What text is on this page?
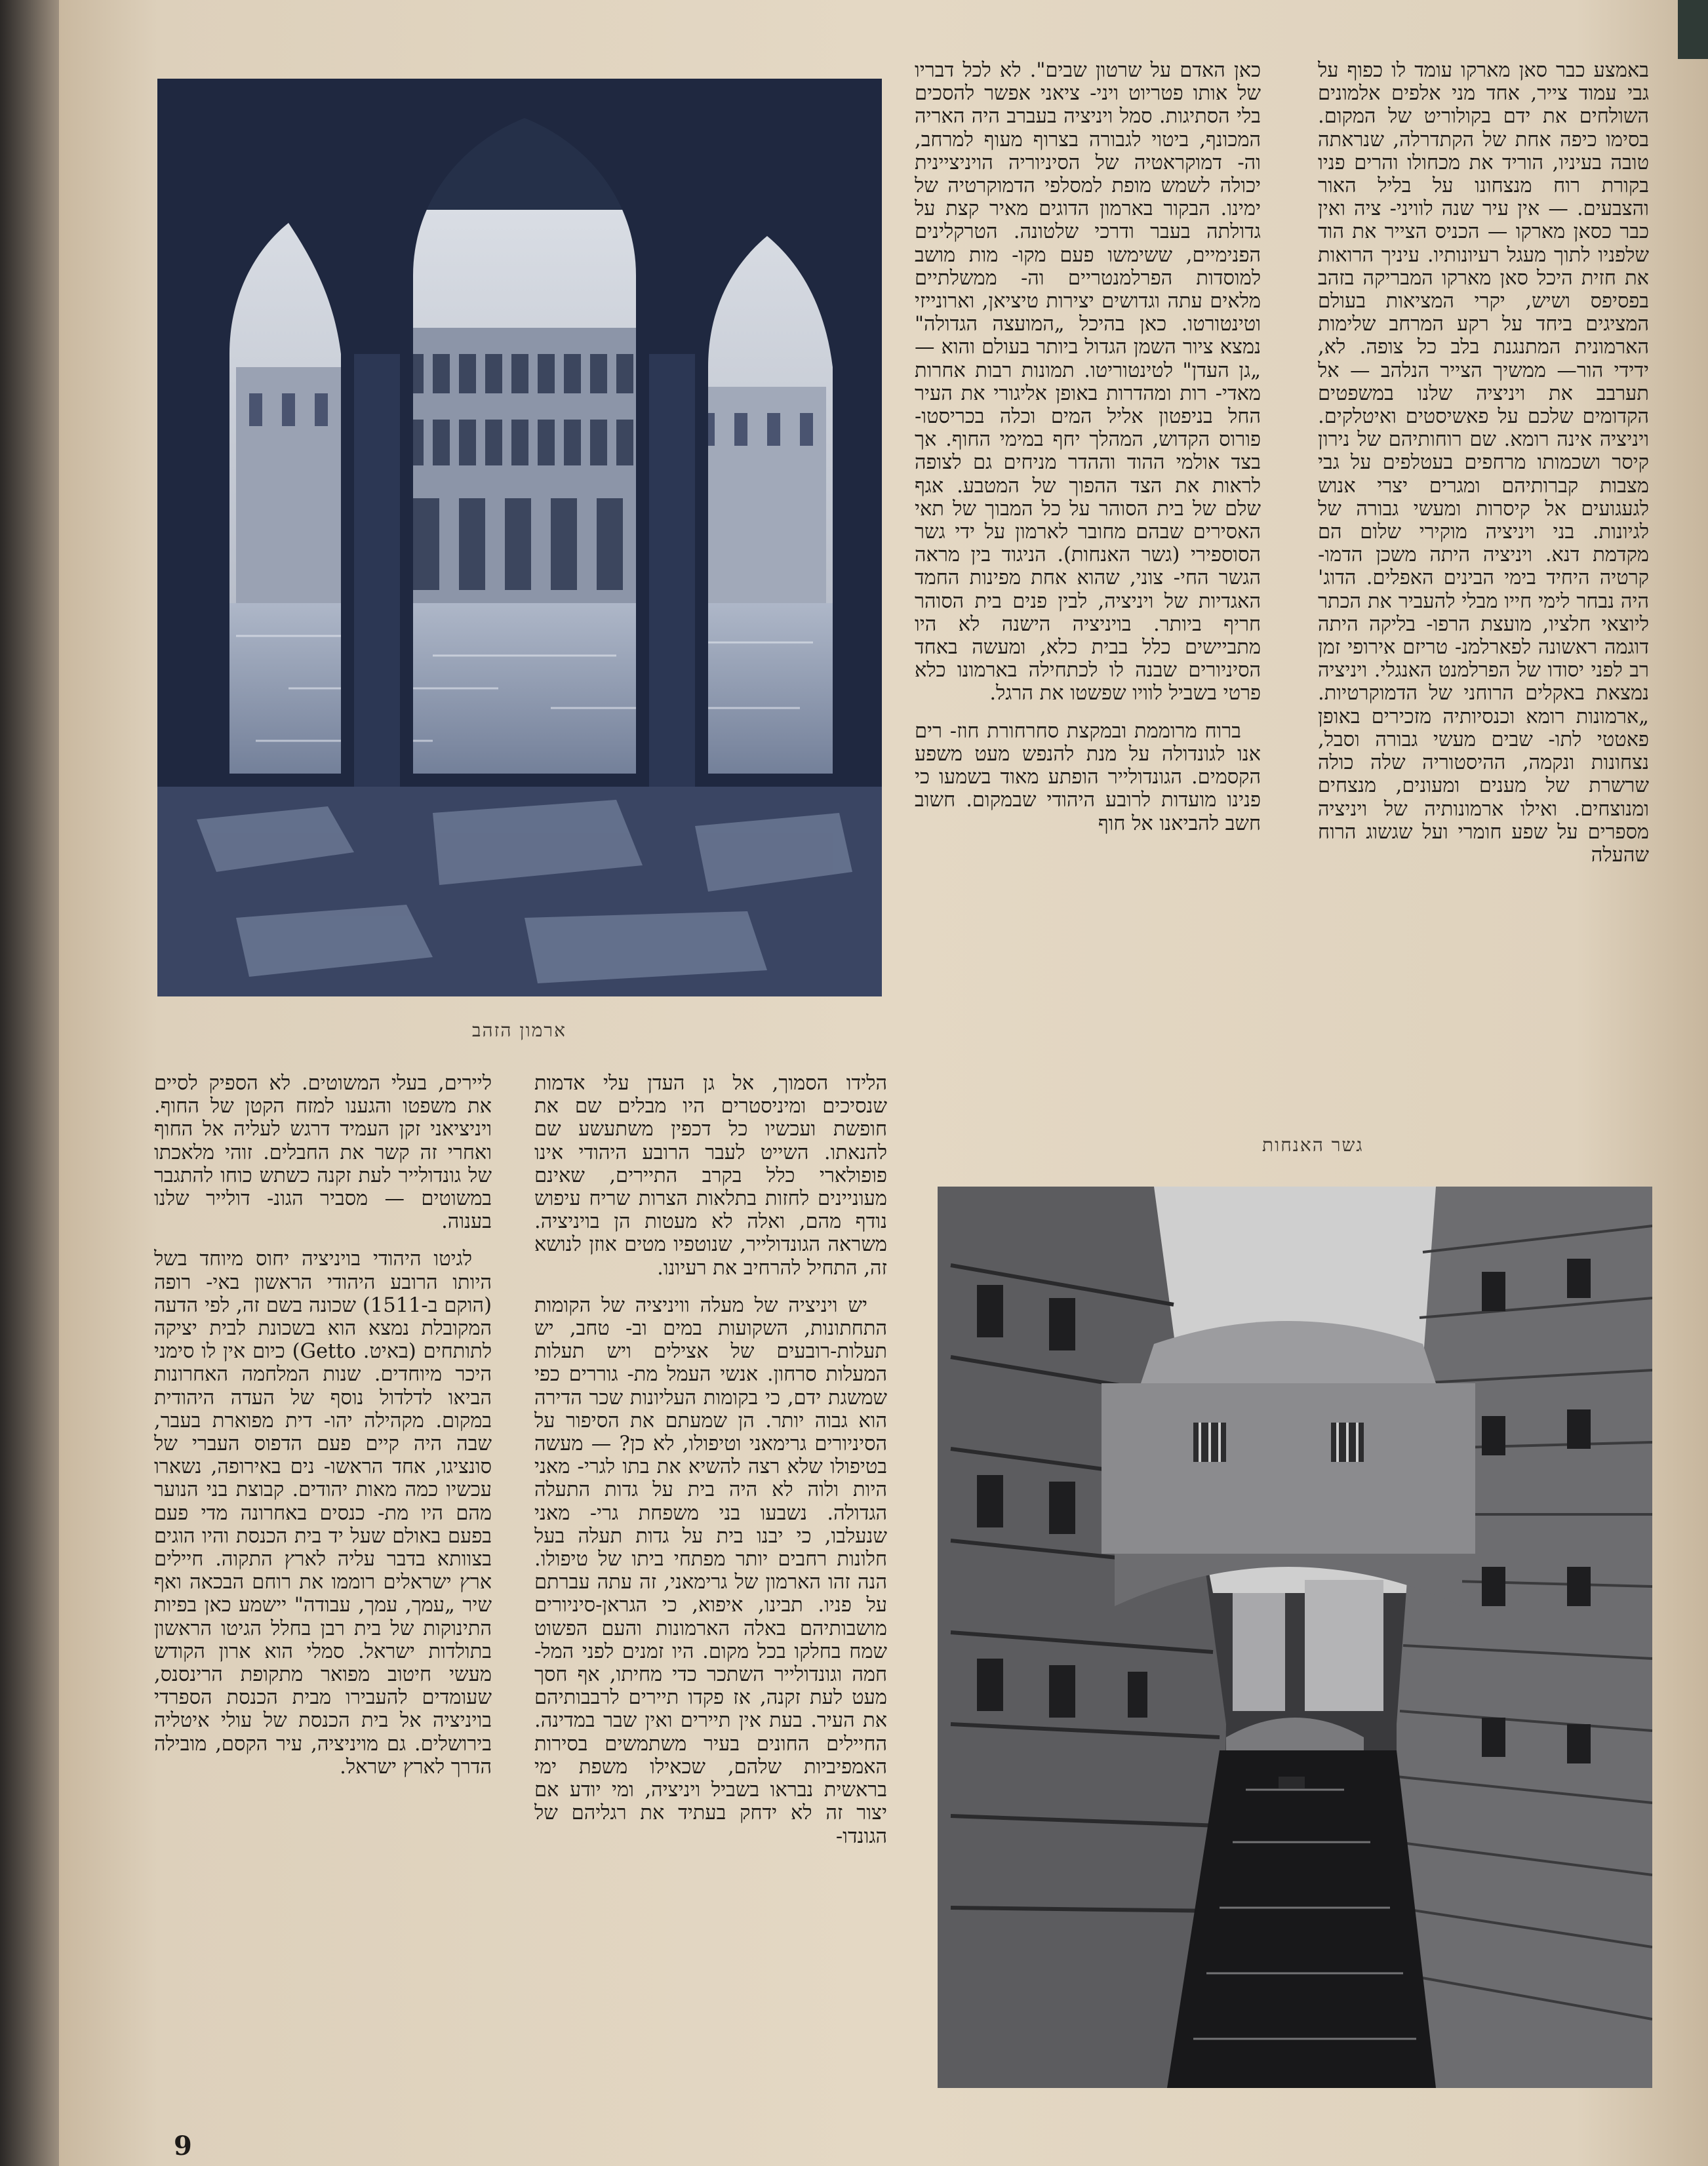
באמצע כבר סאן מארקו עומד לו כפוף על גבי עמוד צייר, אחד מני אלפים אלמונים השולחים את ידם בקולוריט של המקום. בסימו כיפה אחת של הקתדרלה, שנראתה טובה בעיניו, הוריד את מכחולו והרים פניו בקורת רוח מנצחונו על בליל האור והצבעים. — אין עיר שנה לוויני- ציה ואין כבר כסאן מארקו — הכניס הצייר את הוד שלפניו לתוך מעגל רעיונותיו. עיניך הרואות את חזית היכל סאן מארקו המבריקה בזהב בפסיפס ושיש, יקרי המציאות בעולם המציגים ביחד על רקע המרחב שלימות הארמונית המתנגנת בלב כל צופה. לא, ידידי הור— ממשיך הצייר הנלהב — אל תערבב את ויניציה שלנו במשפטים הקדומים שלכם על פאשיסטים ואיטלקים. ויניציה אינה רומא. שם רוחותיהם של נירון קיסר ושכמותו מרחפים בעטלפים על גבי מצבות קברותיהם ומגרים יצרי אנוש לגעגועים אל קיסרות ומעשי גבורה של לגיונות. בני ויניציה מוקירי שלום הם מקדמת דנא. ויניציה היתה משכן הדמו- קרטיה היחיד בימי הבינים האפלים. הדוג' היה נבחר לימי חייו מבלי להעביר את הכתר ליוצאי חלציו, מועצת הרפו- בליקה היתה דוגמה ראשונה לפארלמנ- טריזם אירופי זמן רב לפני יסודו של הפרלמנט האנגלי. ויניציה נמצאת באקלים הרוחני של הדמוקרטיות. „ארמונות רומא וכנסיותיה מזכירים באופן פאטטי לתו- שבים מעשי גבורה וסבל, נצחונות ונקמה, ההיסטוריה שלה כולה שרשרת של מענים ומעונים, מנצחים ומנוצחים. ואילו ארמונותיה של ויניציה מספרים על שפע חומרי ועל שגשוג הרוח שהעלה

כאן האדם על שרטון שבים". לא לכל דבריו של אותו פטריוט ויני- ציאני אפשר להסכים בלי הסתיגות. סמל ויניציה בעברב היה האריה המכונף, ביטוי לגבורה בצרוף מעוף למרחב, וה- דמוקראטיה של הסיניוריה הויניציינית יכולה לשמש מופת למסלפי הדמוקרטיה של ימינו. הבקור בארמון הדוגים מאיר קצת על גדולתה בעבר ודרכי שלטונה. הטרקלינים הפנימיים, ששימשו פעם מקו- מות מושב למוסדות הפרלמנטריים וה- ממשלתיים מלאים עתה וגדושים יצירות טיציאן, וארונייזי וטינטורטו. כאן בהיכל „המועצה הגדולה" נמצא ציור השמן הגדול ביותר בעולם והוא — „גן העדן" לטינטוריטו. תמונות רבות אחרות מאדי- רות ומהדרות באופן אליגורי את העיר החל בניפטון אליל המים וכלה בכריסטו- פורוס הקדוש, המהלך יחף במימי החוף. אך בצד אולמי ההוד וההדר מניחים גם לצופה לראות את הצד ההפוך של המטבע. אגף שלם של בית הסוהר על כל המבוך של תאי האסירים שבהם מחובר לארמון על ידי גשר הסוספירי (גשר האנחות). הניגוד בין מראה הגשר החי- צוני, שהוא אחת מפינות החמד האגדיות של ויניציה, לבין פנים בית הסוהר חריף ביותר. בויניציה הישנה לא היו מתביישים כלל בבית כלא, ומעשה באחד הסיניורים שבנה לו לכתחילה בארמונו כלא פרטי בשביל לוויו שפשטו את הרגל.

ברוח מרוממת ובמקצת סחרחורת חוז- רים אנו לגונדולה על מנת להנפש מעט משפע הקסמים. הגונדולייר הופתע מאוד בשמעו כי פנינו מועדות לרובע היהודי שבמקום. חשוב חשב להביאנו אל חוף

ארמון הזהב

ליירים, בעלי המשוטים. לא הספיק לסיים את משפטו והגענו למזח הקטן של החוף. ויניציאני זקן העמיד דרגש לעליה אל החוף ואחרי זה קשר את החבלים. זוהי מלאכתו של גונדולייר לעת זקנה כשתש כוחו להתגבר במשוטים — מסביר הגונ- דולייר שלנו בענוה.

לגיטו היהודי בויניציה יחוס מיוחד בשל היותו הרובע היהודי הראשון באי- רופה (הוקם ב-1511) שכונה בשם זה, לפי הדעה המקובלת נמצא הוא בשכונת לבית יציקה לתותחים (באיט. Getto) כיום אין לו סימני היכר מיוחדים. שנות המלחמה האחרונות הביאו לדלדול נוסף של העדה היהודית במקום. מקהילה יהו- דית מפוארת בעבר, שבה היה קיים פעם הדפוס העברי של סונציגו, אחד הראשו- נים באירופה, נשארו עכשיו כמה מאות יהודים. קבוצת בני הנוער מהם היו מת- כנסים באחרונה מדי פעם בפעם באולם שעל יד בית הכנסת והיו הוגים בצוותא בדבר עליה לארץ התקוה. חיילים ארץ ישראלים רוממו את רוחם הבכאה ואף שיר „עמך, עמך, עבודה" יישמע כאן בפיות התינוקות של בית רבן בחלל הגיטו הראשון בתולדות ישראל. סמלי הוא ארון הקודש מעשי חיטוב מפואר מתקופת הרינסנס, שעומדים להעבירו מבית הכנסת הספרדי בויניציה אל בית הכנסת של עולי איטליה בירושלים. גם מויניציה, עיר הקסם, מובילה הדרך לארץ ישראל.

הלידו הסמוך, אל גן העדן עלי אדמות שנסיכים ומיניסטרים היו מבלים שם את חופשת ועכשיו כל דכפין משתעשע שם להנאתו. השייט לעבר הרובע היהודי אינו פופולארי כלל בקרב התיירים, שאינם מעוניינים לחזות בתלאות הצרות שריח עיפוש נודף מהם, ואלה לא מעטות הן בויניציה. משראה הגונדולייר, שנוטפיו מטים אוזן לנושא זה, התחיל להרחיב את רעיונו.

יש ויניציה של מעלה וויניציה של הקומות התחתונות, השקועות במים וב- טחב, יש תעלות-רובעים של אצילים ויש תעלות המעלות סרחון. אנשי העמל מת- גוררים כפי שמשגת ידם, כי בקומות העליונות שכר הדירה הוא גבוה יותר. הן שמעתם את הסיפור על הסיניורים גרימאני וטיפולו, לא כן? — מעשה בטיפולו שלא רצה להשיא את בתו לגרי- מאני היות ולוה לא היה בית על גדות התעלה הגדולה. נשבעו בני משפחת גרי- מאני שנעלבו, כי יבנו בית על גדות תעלה בעל חלונות רחבים יותר מפתחי ביתו של טיפולו. הנה זהו הארמון של גרימאני, זה עתה עברתם על פניו. תבינו, איפוא, כי הגראן-סיניורים מושבותיהם באלה הארמונות והעם הפשוט שמח בחלקו בכל מקום. היו זמנים לפני המל- חמה וגונדולייר השתכר כדי מחיתו, אף חסך מעט לעת זקנה, אז פקדו תיירים לרבבותיהם את העיר. בעת אין תיירים ואין שבר במדינה. החיילים החונים בעיר משתמשים בסירות האמפיביות שלהם, שכאילו משפת ימי בראשית נבראו בשביל ויניציה, ומי יודע אם יצור זה לא ידחק בעתיד את רגליהם של הגונדו-

גשר האנחות
9
